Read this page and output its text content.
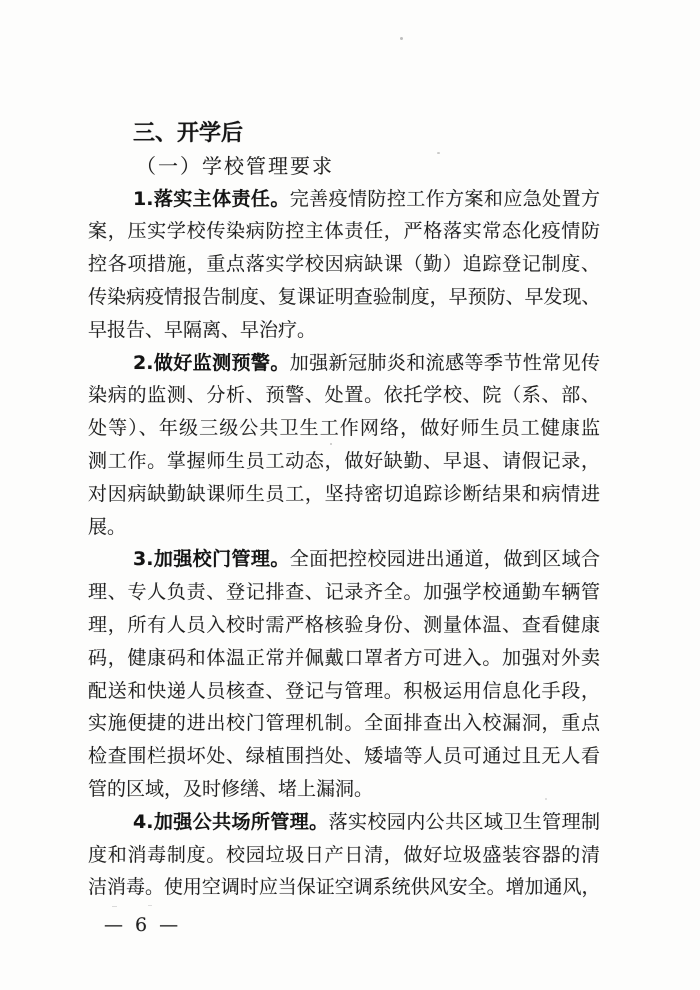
三、开学后
（一）学校管理要求
1.落实主体责任。完善疫情防控工作方案和应急处置方
案，压实学校传染病防控主体责任，严格落实常态化疫情防
控各项措施，重点落实学校因病缺课（勤）追踪登记制度、
传染病疫情报告制度、复课证明查验制度，早预防、早发现、
早报告、早隔离、早治疗。
2.做好监测预警。加强新冠肺炎和流感等季节性常见传
染病的监测、分析、预警、处置。依托学校、院（系、部、
处等）、年级三级公共卫生工作网络，做好师生员工健康监
测工作。掌握师生员工动态，做好缺勤、早退、请假记录，
对因病缺勤缺课师生员工，坚持密切追踪诊断结果和病情进
展。
3.加强校门管理。全面把控校园进出通道，做到区域合
理、专人负责、登记排查、记录齐全。加强学校通勤车辆管
理，所有人员入校时需严格核验身份、测量体温、查看健康
码，健康码和体温正常并佩戴口罩者方可进入。加强对外卖
配送和快递人员核查、登记与管理。积极运用信息化手段，
实施便捷的进出校门管理机制。全面排查出入校漏洞，重点
检查围栏损坏处、绿植围挡处、矮墙等人员可通过且无人看
管的区域，及时修缮、堵上漏洞。
4.加强公共场所管理。落实校园内公共区域卫生管理制
度和消毒制度。校园垃圾日产日清，做好垃圾盛装容器的清
洁消毒。使用空调时应当保证空调系统供风安全。增加通风，
— 6 —
